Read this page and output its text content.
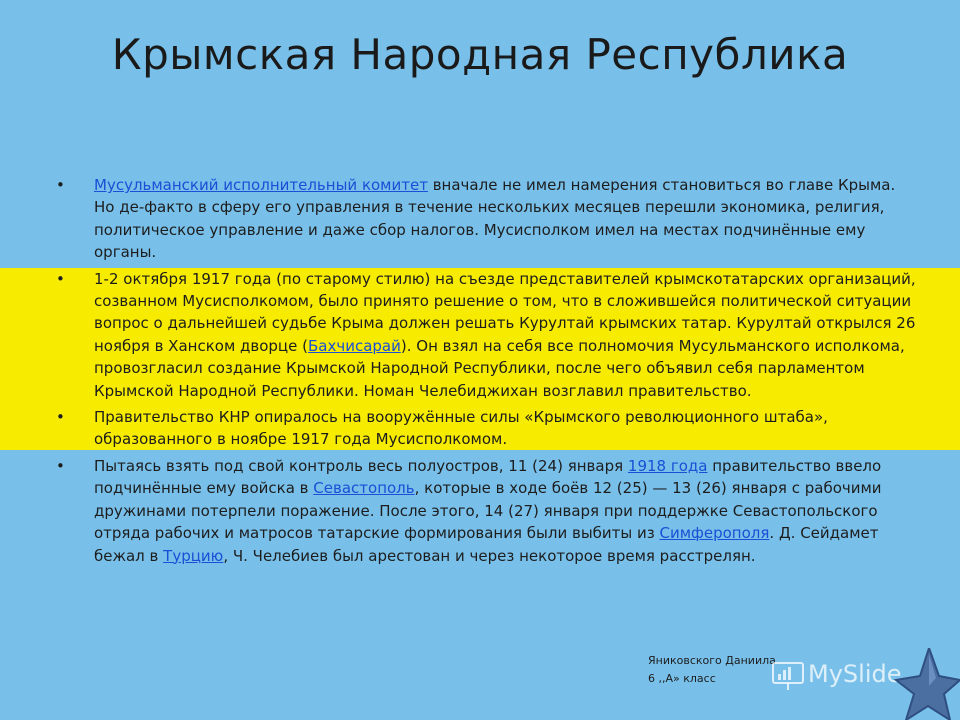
Крымская Народная Республика
• Мусульманский исполнительный комитет вначале не имел намерения становиться во главе Крыма. Но де-факто в сферу его управления в течение нескольких месяцев перешли экономика, религия, политическое управление и даже сбор налогов. Мусисполком имел на местах подчинённые ему органы.
• 1-2 октября 1917 года (по старому стилю) на съезде представителей крымскотатарских организаций, созванном Мусисполкомом, было принято решение о том, что в сложившейся политической ситуации вопрос о дальнейшей судьбе Крыма должен решать Курултай крымских татар. Курултай открылся 26 ноября в Ханском дворце (Бахчисарай). Он взял на себя все полномочия Мусульманского исполкома, провозгласил создание Крымской Народной Республики, после чего объявил себя парламентом Крымской Народной Республики. Номан Челебиджихан возглавил правительство.
• Правительство КНР опиралось на вооружённые силы «Крымского революционного штаба», образованного в ноябре 1917 года Мусисполкомом.
• Пытаясь взять под свой контроль весь полуостров, 11 (24) января 1918 года правительство ввело подчинённые ему войска в Севастополь, которые в ходе боёв 12 (25) — 13 (26) января с рабочими дружинами потерпели поражение. После этого, 14 (27) января при поддержке Севастопольского отряда рабочих и матросов татарские формирования были выбиты из Симферополя. Д. Сейдамет бежал в Турцию, Ч. Челебиев был арестован и через некоторое время расстрелян.
Яниковского Даниила
6 ,,А» класс	MySlide
